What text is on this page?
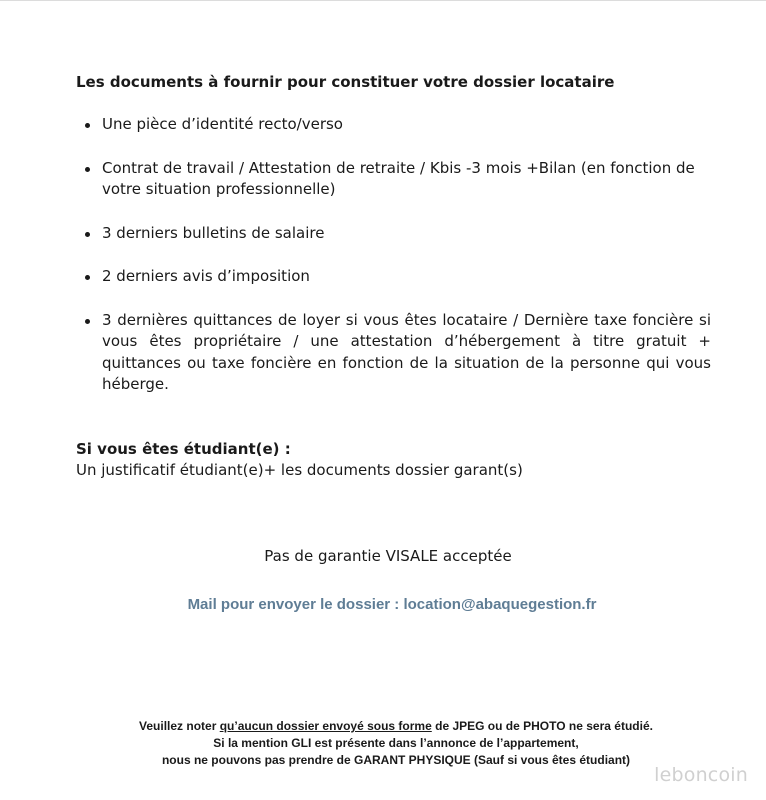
Les documents à fournir pour constituer votre dossier locataire
Une pièce d’identité recto/verso
Contrat de travail / Attestation de retraite / Kbis -3 mois +Bilan (en fonction de votre situation professionnelle)
3 derniers bulletins de salaire
2 derniers avis d’imposition
3 dernières quittances de loyer si vous êtes locataire / Dernière taxe foncière si vous êtes propriétaire / une attestation d’hébergement à titre gratuit + quittances ou taxe foncière en fonction de la situation de la personne qui vous héberge.
Si vous êtes étudiant(e) :
Un justificatif étudiant(e)+ les documents dossier garant(s)
Pas de garantie VISALE acceptée
Mail pour envoyer le dossier : location@abaquegestion.fr
Veuillez noter qu’aucun dossier envoyé sous forme de JPEG ou de PHOTO ne sera étudié.
Si la mention GLI est présente dans l’annonce de l’appartement,
nous ne pouvons pas prendre de GARANT PHYSIQUE (Sauf si vous êtes étudiant)
leboncoin
